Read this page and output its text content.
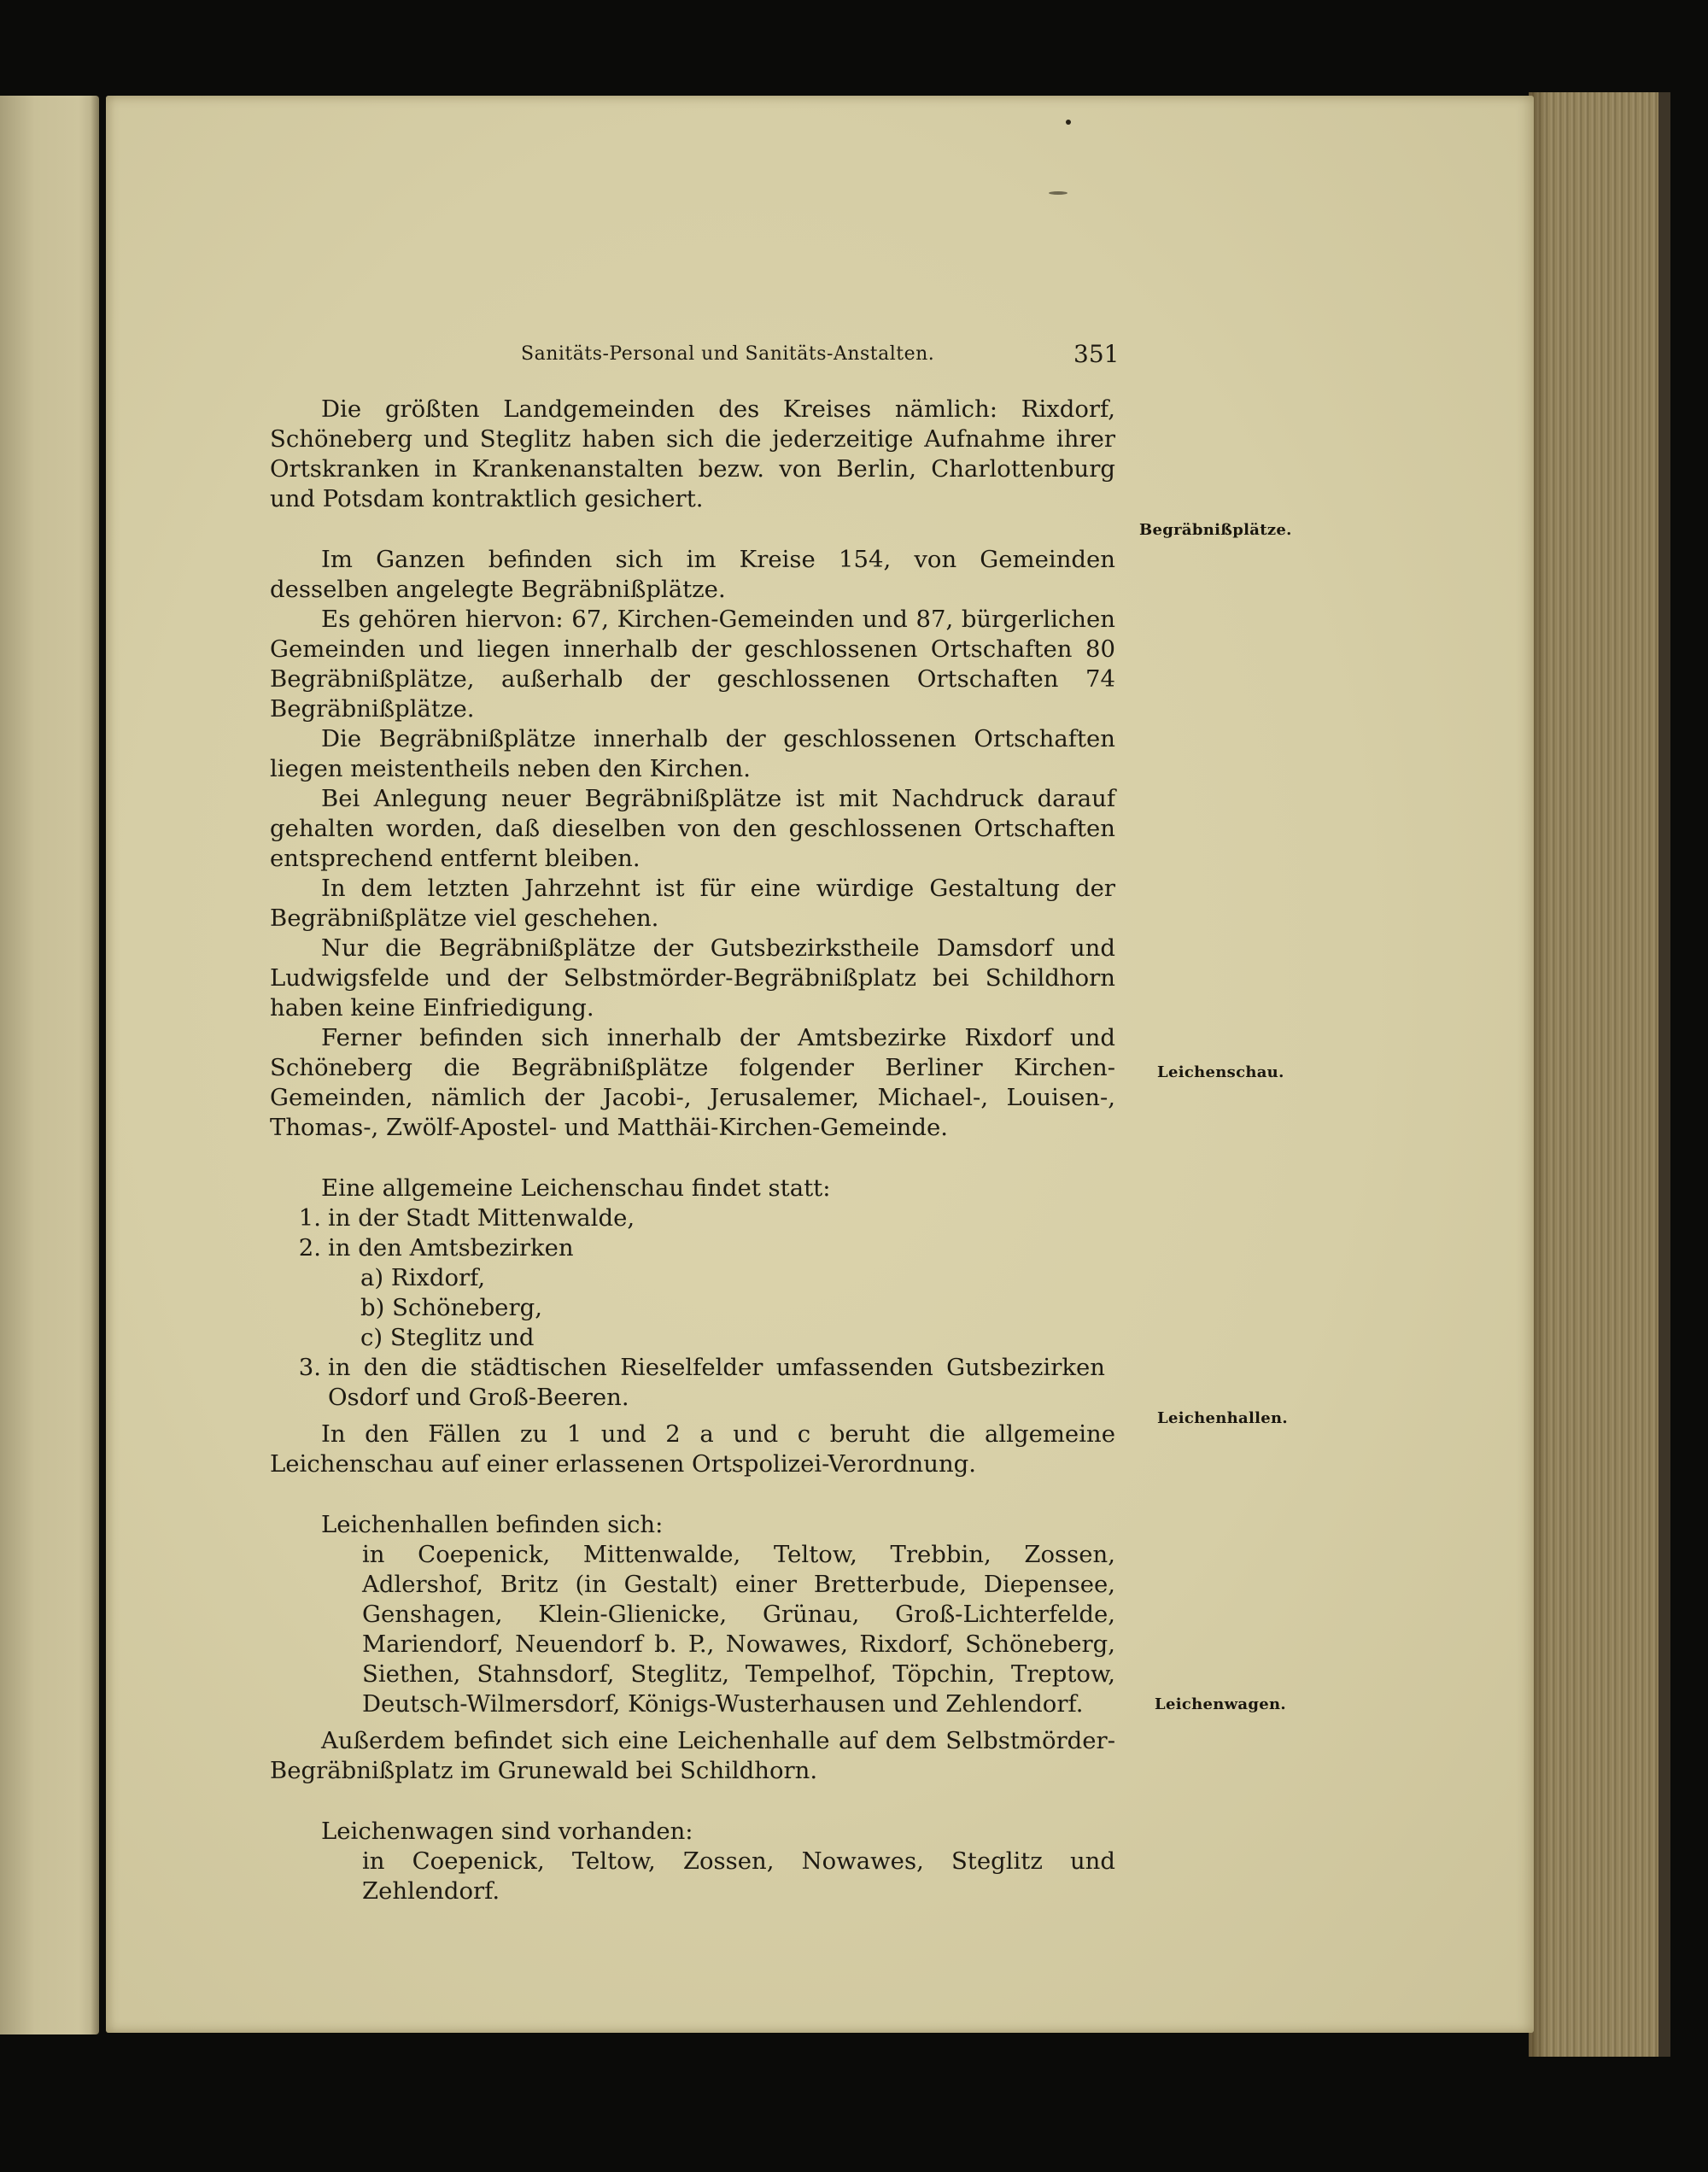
Sanitäts-Personal und Sanitäts-Anstalten.	351

Die größten Landgemeinden des Kreises nämlich: Rixdorf, Schöneberg und Steglitz haben sich die jederzeitige Aufnahme ihrer Ortskranken in Krankenanstalten bezw. von Berlin, Charlottenburg und Potsdam kontraktlich gesichert.

Im Ganzen befinden sich im Kreise 154, von Gemeinden desselben angelegte Begräbnißplätze.

Es gehören hiervon: 67, Kirchen-Gemeinden und 87, bürgerlichen Gemeinden und liegen innerhalb der geschlossenen Ortschaften 80 Begräbnißplätze, außerhalb der geschlossenen Ortschaften 74 Begräbnißplätze.

Die Begräbnißplätze innerhalb der geschlossenen Ortschaften liegen meistentheils neben den Kirchen.

Bei Anlegung neuer Begräbnißplätze ist mit Nachdruck darauf gehalten worden, daß dieselben von den geschlossenen Ortschaften entsprechend entfernt bleiben.

In dem letzten Jahrzehnt ist für eine würdige Gestaltung der Begräbnißplätze viel geschehen.

Nur die Begräbnißplätze der Gutsbezirkstheile Damsdorf und Ludwigsfelde und der Selbstmörder-Begräbnißplatz bei Schildhorn haben keine Einfriedigung.

Ferner befinden sich innerhalb der Amtsbezirke Rixdorf und Schöneberg die Begräbnißplätze folgender Berliner Kirchen-Gemeinden, nämlich der Jacobi-, Jerusalemer, Michael-, Louisen-, Thomas-, Zwölf-Apostel- und Matthäi-Kirchen-Gemeinde.

Eine allgemeine Leichenschau findet statt:

1. in der Stadt Mittenwalde,
2. in den Amtsbezirken
a) Rixdorf,
b) Schöneberg,
c) Steglitz und
3. in den die städtischen Rieselfelder umfassenden Gutsbezirken Osdorf und Groß-Beeren.

In den Fällen zu 1 und 2 a und c beruht die allgemeine Leichenschau auf einer erlassenen Ortspolizei-Verordnung.

Leichenhallen befinden sich:

in Coepenick, Mittenwalde, Teltow, Trebbin, Zossen, Adlershof, Britz (in Gestalt) einer Bretterbude, Diepensee, Genshagen, Klein-Glienicke, Grünau, Groß-Lichterfelde, Mariendorf, Neuendorf b. P., Nowawes, Rixdorf, Schöneberg, Siethen, Stahnsdorf, Steglitz, Tempelhof, Töpchin, Treptow, Deutsch-Wilmersdorf, Königs-Wusterhausen und Zehlendorf.

Außerdem befindet sich eine Leichenhalle auf dem Selbstmörder-Begräbnißplatz im Grunewald bei Schildhorn.

Leichenwagen sind vorhanden:

in Coepenick, Teltow, Zossen, Nowawes, Steglitz und Zehlendorf.

Begräbnißplätze.
Leichenschau.
Leichenhallen.
Leichenwagen.
